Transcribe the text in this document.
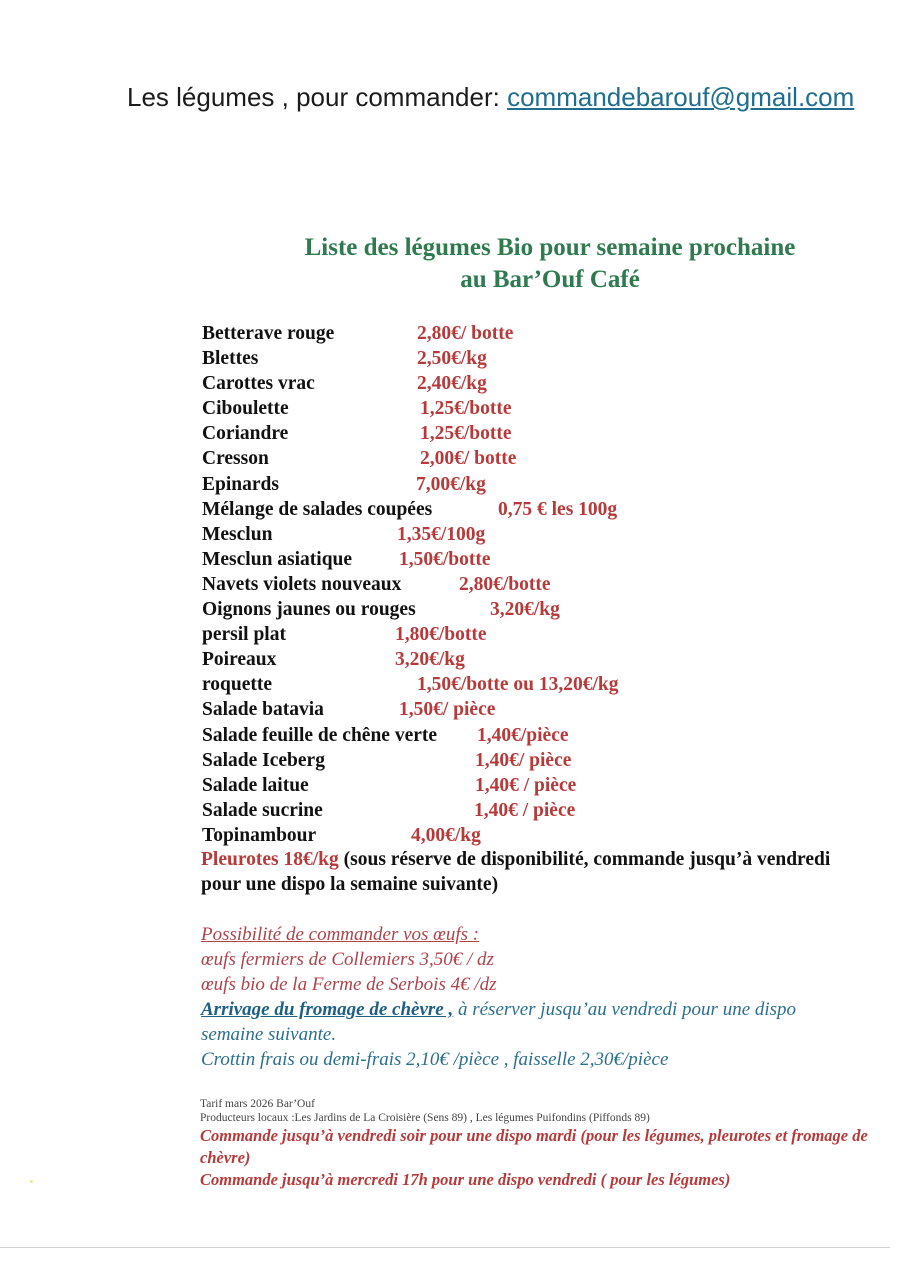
Les légumes , pour commander: commandebarouf@gmail.com
Liste des légumes Bio pour semaine prochaine
au Bar’Ouf Café
Betterave rouge	2,80€/ botte
Blettes	2,50€/kg
Carottes vrac	2,40€/kg
Ciboulette	1,25€/botte
Coriandre	1,25€/botte
Cresson	2,00€/ botte
Epinards	7,00€/kg
Mélange de salades coupées	0,75 € les 100g
Mesclun	1,35€/100g
Mesclun asiatique 1,50€/botte
Navets violets nouveaux	2,80€/botte
Oignons jaunes ou rouges	3,20€/kg
persil plat	1,80€/botte
Poireaux	3,20€/kg
roquette	1,50€/botte ou 13,20€/kg
Salade batavia	1,50€/ pièce
Salade feuille de chêne verte 1,40€/pièce
Salade Iceberg	1,40€/ pièce
Salade laitue	1,40€ / pièce
Salade sucrine	1,40€ / pièce
Topinambour	4,00€/kg
Pleurotes 18€/kg (sous réserve de disponibilité, commande jusqu’à vendredi pour une dispo la semaine suivante)
Possibilité de commander vos œufs :
œufs fermiers de Collemiers 3,50€ / dz
œufs bio de la Ferme de Serbois 4€ /dz
Arrivage du fromage de chèvre , à réserver jusqu’au vendredi pour une dispo semaine suivante.
Crottin frais ou demi-frais 2,10€ /pièce , faisselle 2,30€/pièce
Tarif mars 2026 Bar’Ouf
Producteurs locaux :Les Jardins de La Croisière (Sens 89) , Les légumes Puifondins (Piffonds 89)
Commande jusqu’à vendredi soir pour une dispo mardi (pour les légumes, pleurotes et fromage de chèvre)
Commande jusqu’à mercredi 17h pour une dispo vendredi ( pour les légumes)
